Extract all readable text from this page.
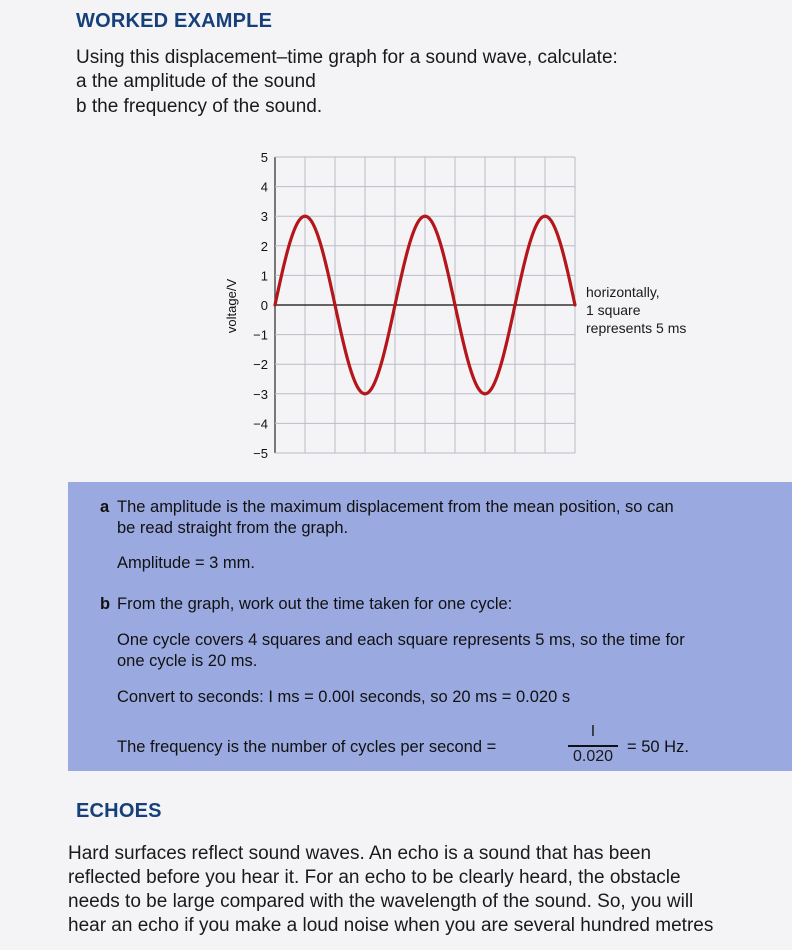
WORKED EXAMPLE
Using this displacement–time graph for a sound wave, calculate:
a the amplitude of the sound
b the frequency of the sound.
5
4
3
2
1
0
−1
−2
−3
−4
−5
voltage/V	horizontally,
1 square
represents 5 ms
a The amplitude is the maximum displacement from the mean position, so can
be read straight from the graph.
Amplitude = 3 mm.
b From the graph, work out the time taken for one cycle:
One cycle covers 4 squares and each square represents 5 ms, so the time for
one cycle is 20 ms.
Convert to seconds: I ms = 0.00I seconds, so 20 ms = 0.020 s
The frequency is the number of cycles per second =
I
0.020
= 50 Hz.
ECHOES
Hard surfaces reflect sound waves. An echo is a sound that has been
reflected before you hear it. For an echo to be clearly heard, the obstacle
needs to be large compared with the wavelength of the sound. So, you will
hear an echo if you make a loud noise when you are several hundred metres
